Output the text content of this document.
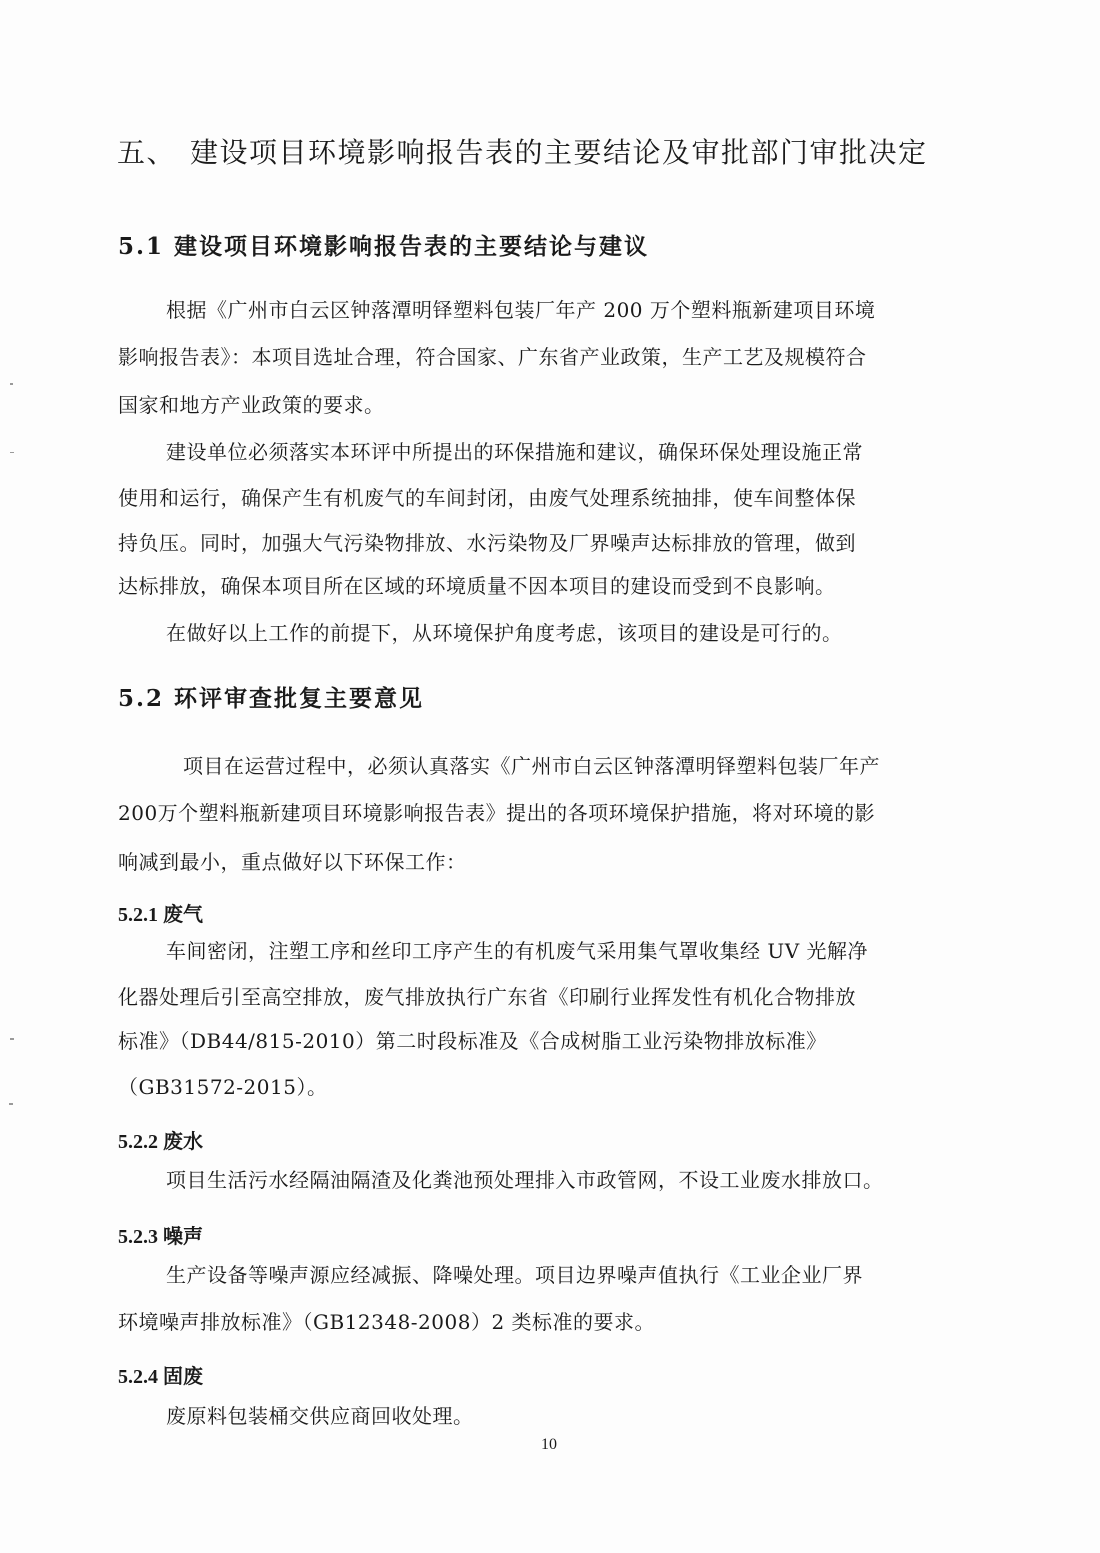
五、 建设项目环境影响报告表的主要结论及审批部门审批决定
5.1 建设项目环境影响报告表的主要结论与建议
根据《广州市白云区钟落潭明铎塑料包装厂年产 200 万个塑料瓶新建项目环境
影响报告表》：本项目选址合理，符合国家、广东省产业政策，生产工艺及规模符合
国家和地方产业政策的要求。
建设单位必须落实本环评中所提出的环保措施和建议，确保环保处理设施正常
使用和运行，确保产生有机废气的车间封闭，由废气处理系统抽排，使车间整体保
持负压。同时，加强大气污染物排放、水污染物及厂界噪声达标排放的管理，做到
达标排放，确保本项目所在区域的环境质量不因本项目的建设而受到不良影响。
在做好以上工作的前提下，从环境保护角度考虑，该项目的建设是可行的。
5.2 环评审查批复主要意见
项目在运营过程中，必须认真落实《广州市白云区钟落潭明铎塑料包装厂年产
200万个塑料瓶新建项目环境影响报告表》提出的各项环境保护措施，将对环境的影
响减到最小，重点做好以下环保工作：
5.2.1 废气
车间密闭，注塑工序和丝印工序产生的有机废气采用集气罩收集经 UV 光解净
化器处理后引至高空排放，废气排放执行广东省《印刷行业挥发性有机化合物排放
标准》（DB44/815-2010）第二时段标准及《合成树脂工业污染物排放标准》
（GB31572-2015）。
5.2.2 废水
项目生活污水经隔油隔渣及化粪池预处理排入市政管网，不设工业废水排放口。
5.2.3 噪声
生产设备等噪声源应经减振、降噪处理。项目边界噪声值执行《工业企业厂界
环境噪声排放标准》（GB12348-2008）2 类标准的要求。
5.2.4 固废
废原料包装桶交供应商回收处理。
10
